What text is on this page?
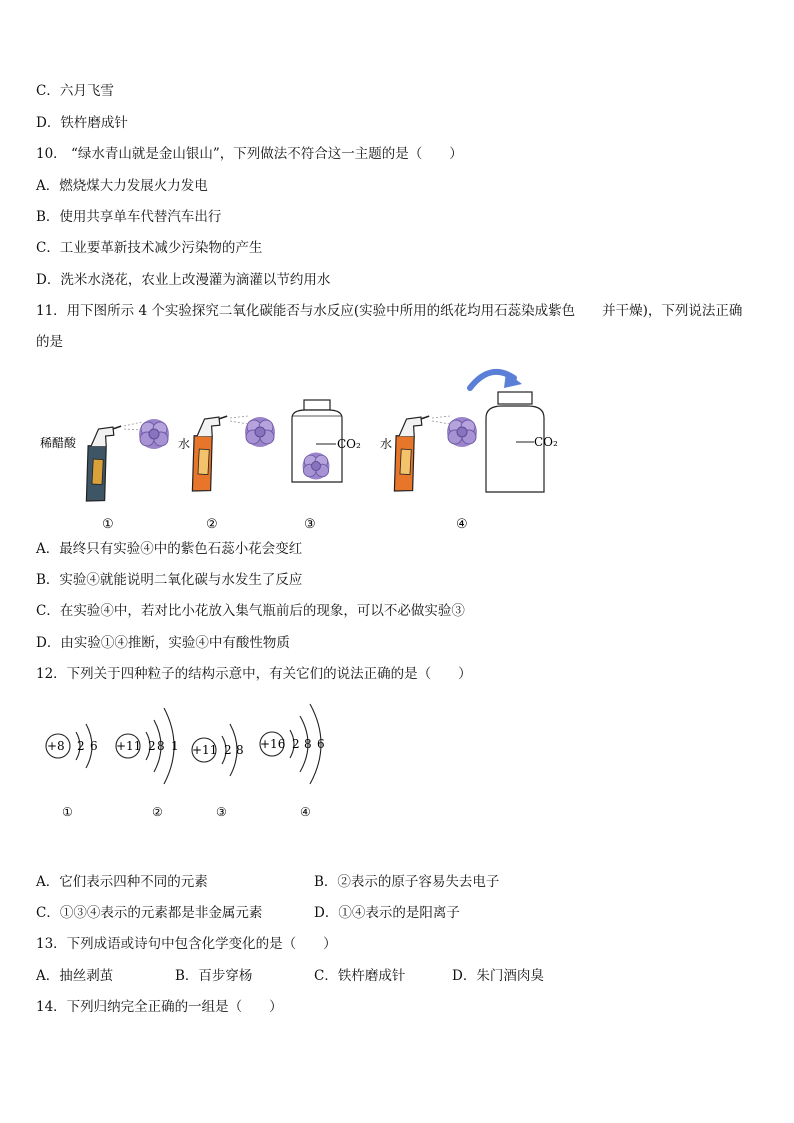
C．六月飞雪
D．铁杵磨成针
10． “绿水青山就是金山银山”，下列做法不符合这一主题的是（　　）
A．燃烧煤大力发展火力发电
B．使用共享单车代替汽车出行
C．工业要革新技术减少污染物的产生
D．洗米水浇花，农业上改漫灌为滴灌以节约用水
11．用下图所示 4 个实验探究二氧化碳能否与水反应(实验中所用的纸花均用石蕊染成紫色　　并干燥)，下列说法正确
的是
稀醋酸	水	CO₂ 水	CO₂
①	②	③	④
A．最终只有实验④中的紫色石蕊小花会变红
B．实验④就能说明二氧化碳与水发生了反应
C．在实验④中，若对比小花放入集气瓶前后的现象，可以不必做实验③
D．由实验①④推断，实验④中有酸性物质
12．下列关于四种粒子的结构示意中，有关它们的说法正确的是（　　）
+8 2 6 +11 2 8 1 +11 2 8 +16 2 8 6
①	②	③	④
A．它们表示四种不同的元素	B．②表示的原子容易失去电子
C．①③④表示的元素都是非金属元素	D．①④表示的是阳离子
13．下列成语或诗句中包含化学变化的是（　　）
A．抽丝剥茧	B．百步穿杨	C．铁杵磨成针	D．朱门酒肉臭
14．下列归纳完全正确的一组是（　　）
